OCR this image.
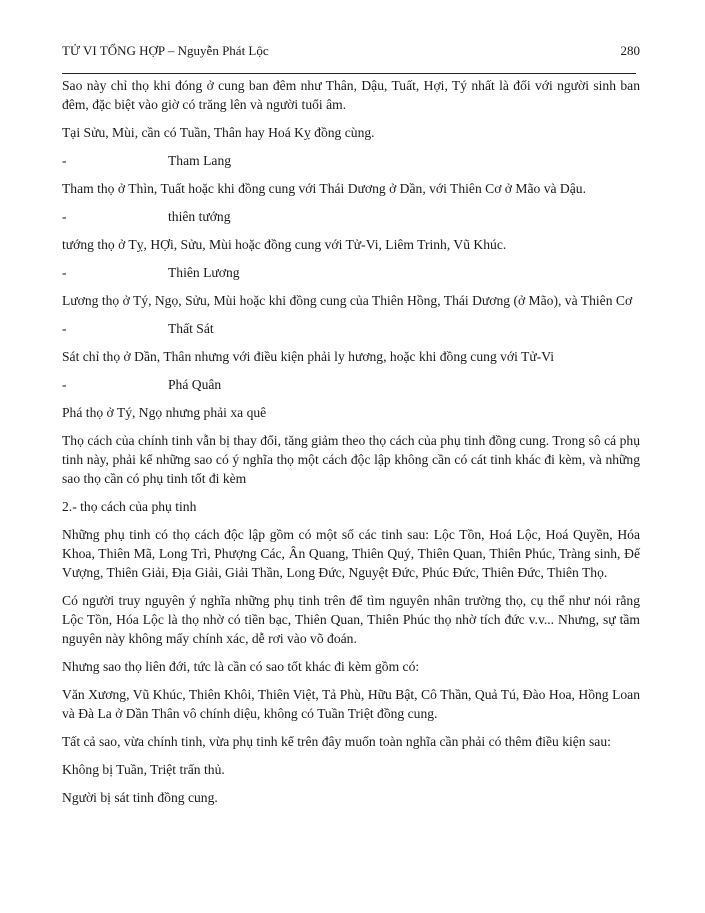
TỬ VI TỔNG HỢP – Nguyễn Phát Lộc	280

Sao này chỉ thọ khi đóng ở cung ban đêm như Thân, Dậu, Tuất, Hợi, Tý nhất là đối với người sinh ban đêm, đặc biệt vào giờ có trăng lên và người tuổi âm.

Tại Sửu, Mùi, cần có Tuần, Thân hay Hoá Kỵ đồng cùng.

-	Tham Lang

Tham thọ ở Thìn, Tuất hoặc khi đồng cung với Thái Dương ở Dần, với Thiên Cơ ở Mão và Dậu.

-	thiên tướng

tướng thọ ở Tỵ, HỢi, Sửu, Mùi hoặc đồng cung với Tử-Vi, Liêm Trinh, Vũ Khúc.

-	Thiên Lương

Lương thọ ở Tý, Ngọ, Sửu, Mùi hoặc khi đồng cung của Thiên Hồng, Thái Dương (ở Mão), và Thiên Cơ

-	Thất Sát

Sát chỉ thọ ở Dần, Thân nhưng với điều kiện phải ly hương, hoặc khi đồng cung với Tử-Vi

-	Phá Quân

Phá thọ ở Tý, Ngọ nhưng phải xa quê

Thọ cách của chính tinh vẫn bị thay đổi, tăng giảm theo thọ cách của phụ tinh đồng cung. Trong sô cá phụ tinh này, phải kể những sao có ý nghĩa thọ một cách độc lập không cần có cát tinh khác đi kèm, và những sao thọ cần có phụ tinh tốt đi kèm

2.- thọ cách của phụ tinh

Những phụ tinh có thọ cách độc lập gồm có một số các tinh sau: Lộc Tồn, Hoá Lộc, Hoá Quyền, Hóa Khoa, Thiên Mã, Long Trì, Phượng Các, Ân Quang, Thiên Quý, Thiên Quan, Thiên Phúc, Tràng sinh, Đế Vượng, Thiên Giải, Địa Giải, Giải Thần, Long Đức, Nguyệt Đức, Phúc Đức, Thiên Đức, Thiên Thọ.

Có người truy nguyên ý nghĩa những phụ tinh trên để tìm nguyên nhân trường thọ, cụ thể như nói rằng Lộc Tồn, Hóa Lộc là thọ nhờ có tiền bạc, Thiên Quan, Thiên Phúc thọ nhờ tích đức v.v... Nhưng, sự tầm nguyên này không mấy chính xác, dễ rơi vào võ đoán.

Nhưng sao thọ liên đới, tức là cần có sao tốt khác đi kèm gồm có:

Văn Xương, Vũ Khúc, Thiên Khôi, Thiên Việt, Tả Phù, Hữu Bật, Cô Thần, Quả Tú, Đào Hoa, Hồng Loan và Đà La ở Dần Thân vô chính diệu, không có Tuần Triệt đồng cung.

Tất cả sao, vừa chính tinh, vừa phụ tinh kể trên đây muốn toàn nghĩa cần phải có thêm điều kiện sau:

Không bị Tuần, Triệt trấn thủ.

Người bị sát tinh đồng cung.
